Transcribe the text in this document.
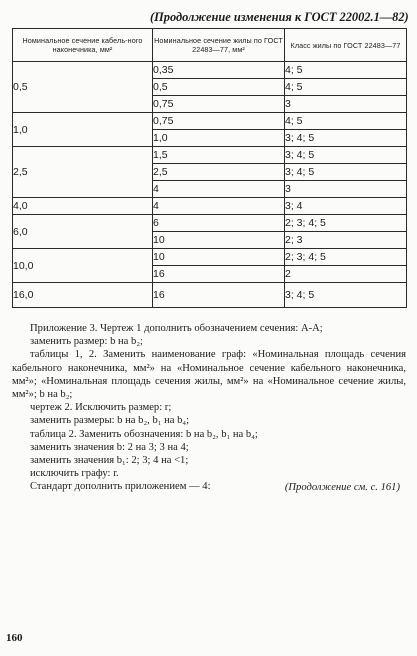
(Продолжение изменения к ГОСТ 22002.1—82)
Номинальное сечение кабель-ного наконечника, мм²	Номинальное сечение жилы по ГОСТ 22483—77, мм²	Класс жилы по ГОСТ 22483—77
0,5	0,35	4; 5
	0,5	4; 5
	0,75	3
1,0	0,75	4; 5
	1,0	3; 4; 5
2,5	1,5	3; 4; 5
	2,5	3; 4; 5
	4	3
4,0	4	3; 4
6,0	6	2; 3; 4; 5
	10	2; 3
10,0	10	2; 3; 4; 5
	16	2
16,0	16	3; 4; 5

Приложение 3. Чертеж 1 дополнить обозначением сечения: А-А;

заменить размер: b на b₂;

таблицы 1, 2. Заменить наименование граф: «Номинальная площадь сечения кабельного наконечника, мм²» на «Номинальное сечение кабельного наконечника, мм²»; «Номинальная площадь сечения жилы, мм²» на «Номинальное сечение жилы, мм²»; b на b₂;

чертеж 2. Исключить размер: r;

заменить размеры: b на b₂, b₁ на b₄;

таблица 2. Заменить обозначения: b на b₂, b₁ на b₄;

заменить значения b: 2 на 3; 3 на 4;

заменить значения b₁: 2; 3; 4 на <1;

исключить графу: r.

Стандарт дополнить приложением — 4:	(Продолжение см. с. 161)
160
